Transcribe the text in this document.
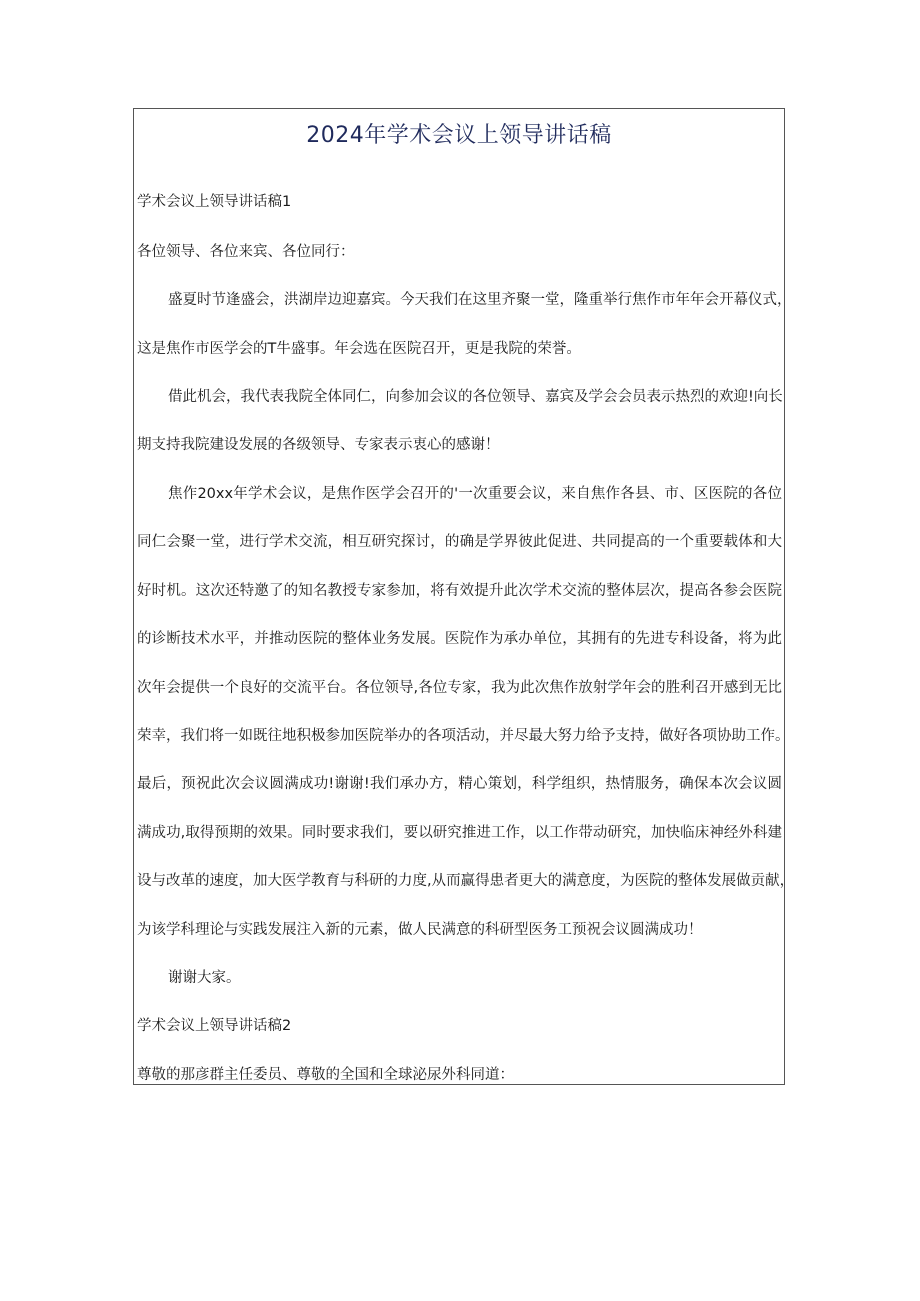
2024年学术会议上领导讲话稿
学术会议上领导讲话稿1
各位领导、各位来宾、各位同行：
盛夏时节逢盛会，洪湖岸边迎嘉宾。今天我们在这里齐聚一堂，隆重举行焦作市年年会开幕仪式，
这是焦作市医学会的T牛盛事。年会选在医院召开，更是我院的荣誉。
借此机会，我代表我院全体同仁，向参加会议的各位领导、嘉宾及学会会员表示热烈的欢迎!向长
期支持我院建设发展的各级领导、专家表示衷心的感谢！
焦作20xx年学术会议，是焦作医学会召开的'一次重要会议，来自焦作各县、市、区医院的各位
同仁会聚一堂，进行学术交流，相互研究探讨，的确是学界彼此促进、共同提高的一个重要载体和大
好时机。这次还特邀了的知名教授专家参加，将有效提升此次学术交流的整体层次，提高各参会医院
的诊断技术水平，并推动医院的整体业务发展。医院作为承办单位，其拥有的先进专科设备，将为此
次年会提供一个良好的交流平台。各位领导,各位专家，我为此次焦作放射学年会的胜利召开感到无比
荣幸，我们将一如既往地积极参加医院举办的各项活动，并尽最大努力给予支持，做好各项协助工作。
最后，预祝此次会议圆满成功!谢谢!我们承办方，精心策划，科学组织，热情服务，确保本次会议圆
满成功,取得预期的效果。同时要求我们，要以研究推进工作，以工作带动研究，加快临床神经外科建
设与改革的速度，加大医学教育与科研的力度,从而赢得患者更大的满意度，为医院的整体发展做贡献，
为该学科理论与实践发展注入新的元素，做人民满意的科研型医务工预祝会议圆满成功！
谢谢大家。
学术会议上领导讲话稿2
尊敬的那彦群主任委员、尊敬的全国和全球泌尿外科同道：
